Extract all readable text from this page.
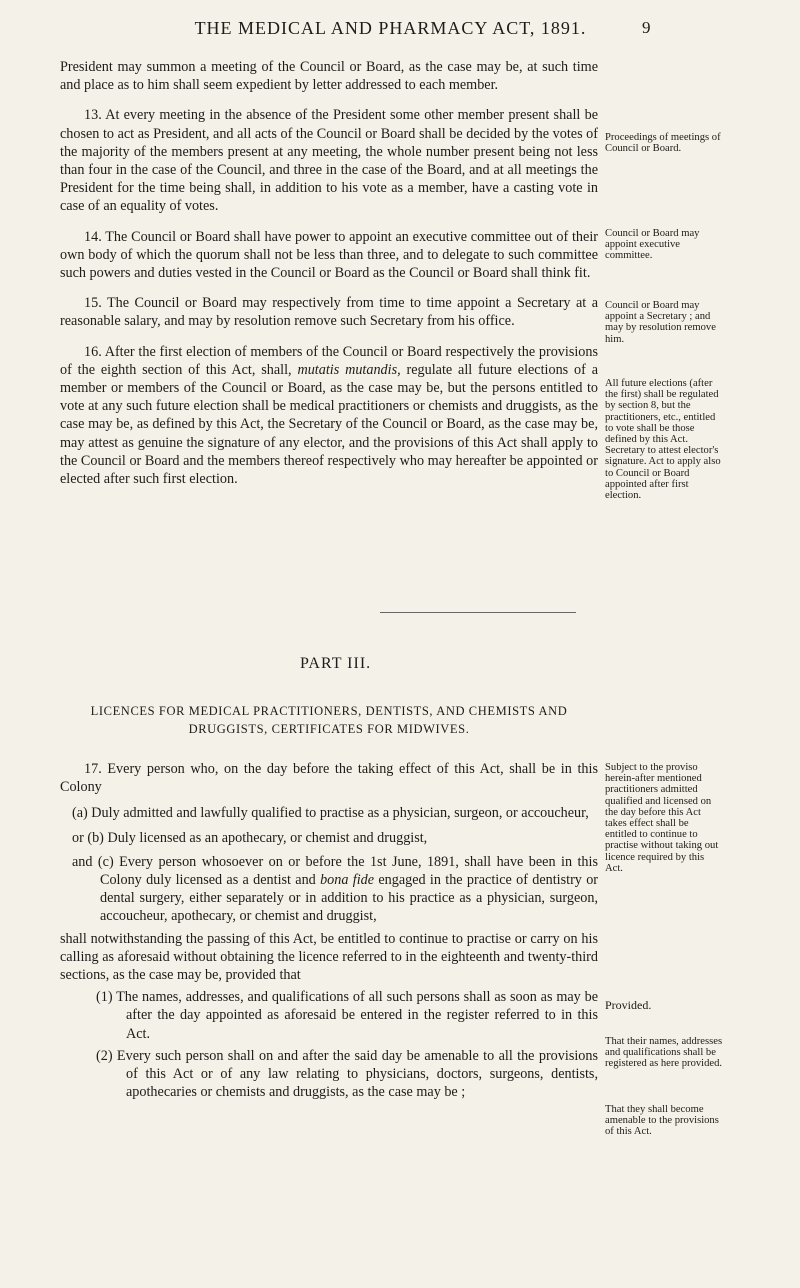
THE MEDICAL AND PHARMACY ACT, 1891.	9

President may summon a meeting of the Council or Board, as the case may be, at such time and place as to him shall seem expedient by letter addressed to each member.

13. At every meeting in the absence of the President some other member present shall be chosen to act as President, and all acts of the Council or Board shall be decided by the votes of the majority of the members present at any meeting, the whole number present being not less than four in the case of the Council, and three in the case of the Board, and at all meetings the President for the time being shall, in addition to his vote as a member, have a casting vote in case of an equality of votes.

14. The Council or Board shall have power to appoint an executive committee out of their own body of which the quorum shall not be less than three, and to delegate to such committee such powers and duties vested in the Council or Board as the Council or Board shall think fit.

15. The Council or Board may respectively from time to time appoint a Secretary at a reasonable salary, and may by resolution remove such Secretary from his office.

16. After the first election of members of the Council or Board respectively the provisions of the eighth section of this Act, shall, mutatis mutandis, regulate all future elections of a member or members of the Council or Board, as the case may be, but the persons entitled to vote at any such future election shall be medical practitioners or chemists and druggists, as the case may be, as defined by this Act, the Secretary of the Council or Board, as the case may be, may attest as genuine the signature of any elector, and the provisions of this Act shall apply to the Council or Board and the members thereof respectively who may hereafter be appointed or elected after such first election.

Proceedings of meetings of Council or Board.
Council or Board may appoint executive committee.
Council or Board may appoint a Secretary ; and may by resolution remove him.
All future elections (after the first) shall be regulated by section 8, but the practitioners, etc., entitled to vote shall be those defined by this Act. Secretary to attest elector's signature. Act to apply also to Council or Board appointed after first election.
PART III.
LICENCES FOR MEDICAL PRACTITIONERS, DENTISTS, AND CHEMISTS AND
DRUGGISTS, CERTIFICATES FOR MIDWIVES.

17. Every person who, on the day before the taking effect of this Act, shall be in this Colony

(a) Duly admitted and lawfully qualified to practise as a physician, surgeon, or accoucheur,

or (b) Duly licensed as an apothecary, or chemist and druggist,

and (c) Every person whosoever on or before the 1st June, 1891, shall have been in this Colony duly licensed as a dentist and bona fide engaged in the practice of dentistry or dental surgery, either separately or in addition to his practice as a physician, surgeon, accoucheur, apothecary, or chemist and druggist,

shall notwithstanding the passing of this Act, be entitled to continue to practise or carry on his calling as aforesaid without obtaining the licence referred to in the eighteenth and twenty-third sections, as the case may be, provided that

(1) The names, addresses, and qualifications of all such persons shall as soon as may be after the day appointed as aforesaid be entered in the register referred to in this Act.

(2) Every such person shall on and after the said day be amenable to all the provisions of this Act or of any law relating to physicians, doctors, surgeons, dentists, apothecaries or chemists and druggists, as the case may be ;

Subject to the proviso herein-after mentioned practitioners admitted qualified and licensed on the day before this Act takes effect shall be entitled to continue to practise without taking out licence required by this Act.
Provided.
That their names, addresses and qualifications shall be registered as here provided.
That they shall become amenable to the provisions of this Act.
